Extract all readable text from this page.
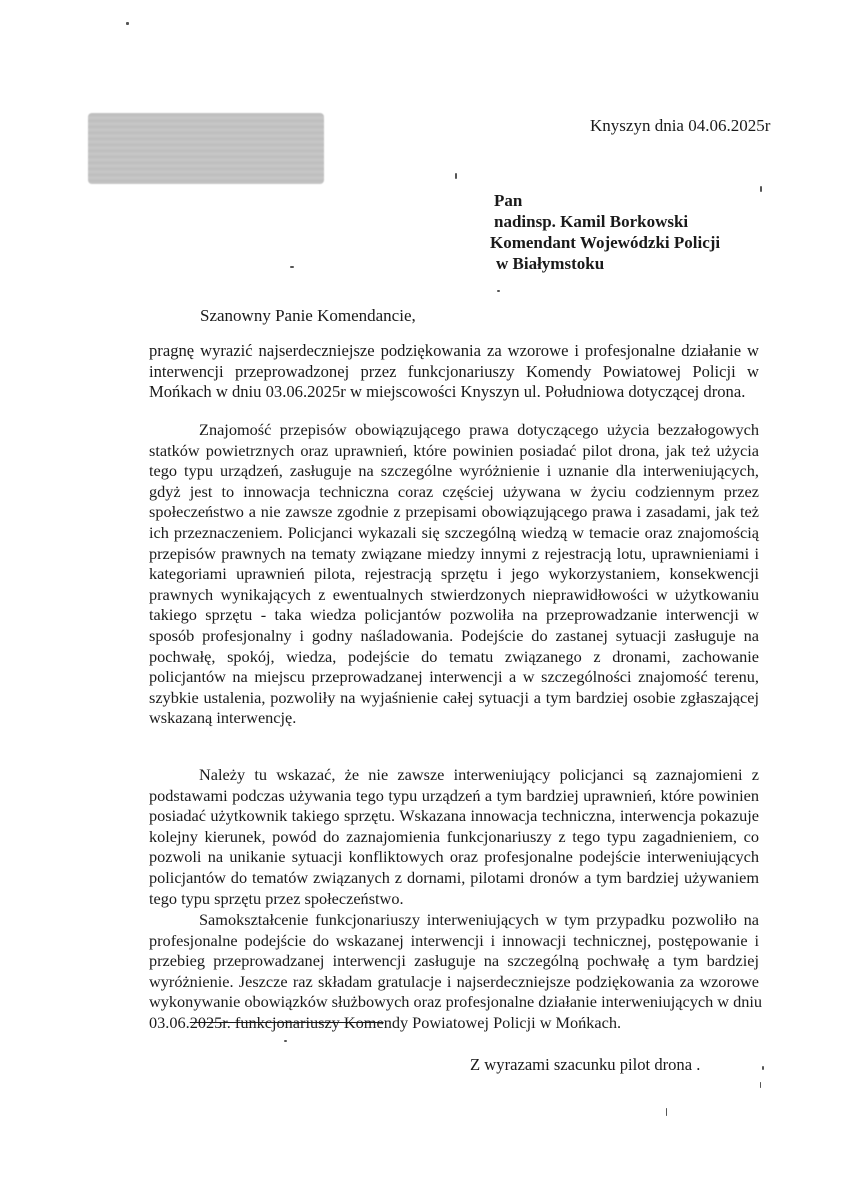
Knyszyn dnia 04.06.2025r
Pan
nadinsp. Kamil Borkowski
Komendant Wojewódzki Policji
w Białymstoku
Szanowny Panie Komendancie,
pragnę wyrazić najserdeczniejsze podziękowania za wzorowe i profesjonalne działanie w
interwencji przeprowadzonej przez funkcjonariuszy Komendy Powiatowej Policji w
Mońkach w dniu 03.06.2025r w miejscowości Knyszyn ul. Południowa dotyczącej drona.
Znajomość przepisów obowiązującego prawa dotyczącego użycia bezzałogowych
statków powietrznych oraz uprawnień, które powinien posiadać pilot drona, jak też użycia
tego typu urządzeń, zasługuje na szczególne wyróżnienie i uznanie dla interweniujących,
gdyż jest to innowacja techniczna coraz częściej używana w życiu codziennym przez
społeczeństwo a nie zawsze zgodnie z przepisami obowiązującego prawa i zasadami, jak też
ich przeznaczeniem. Policjanci wykazali się szczególną wiedzą w temacie oraz znajomością
przepisów prawnych na tematy związane miedzy innymi z rejestracją lotu, uprawnieniami i
kategoriami uprawnień pilota, rejestracją sprzętu i jego wykorzystaniem, konsekwencji
prawnych wynikających z ewentualnych stwierdzonych nieprawidłowości w użytkowaniu
takiego sprzętu - taka wiedza policjantów pozwoliła na przeprowadzanie interwencji w
sposób profesjonalny i godny naśladowania. Podejście do zastanej sytuacji zasługuje na
pochwałę, spokój, wiedza, podejście do tematu związanego z dronami, zachowanie
policjantów na miejscu przeprowadzanej interwencji a w szczególności znajomość terenu,
szybkie ustalenia, pozwoliły na wyjaśnienie całej sytuacji a tym bardziej osobie zgłaszającej
wskazaną interwencję.
Należy tu wskazać, że nie zawsze interweniujący policjanci są zaznajomieni z
podstawami podczas używania tego typu urządzeń a tym bardziej uprawnień, które powinien
posiadać użytkownik takiego sprzętu. Wskazana innowacja techniczna, interwencja pokazuje
kolejny kierunek, powód do zaznajomienia funkcjonariuszy z tego typu zagadnieniem, co
pozwoli na unikanie sytuacji konfliktowych oraz profesjonalne podejście interweniujących
policjantów do tematów związanych z dornami, pilotami dronów a tym bardziej używaniem
tego typu sprzętu przez społeczeństwo.
Samokształcenie funkcjonariuszy interweniujących w tym przypadku pozwoliło na
profesjonalne podejście do wskazanej interwencji i innowacji technicznej, postępowanie i
przebieg przeprowadzanej interwencji zasługuje na szczególną pochwałę a tym bardziej
wyróżnienie. Jeszcze raz składam gratulacje i najserdeczniejsze podziękowania za wzorowe
wykonywanie obowiązków służbowych oraz profesjonalne działanie interweniujących w dniu
03.06.2025r. funkcjonariuszy Komendy Powiatowej Policji w Mońkach.
Z wyrazami szacunku pilot drona .
